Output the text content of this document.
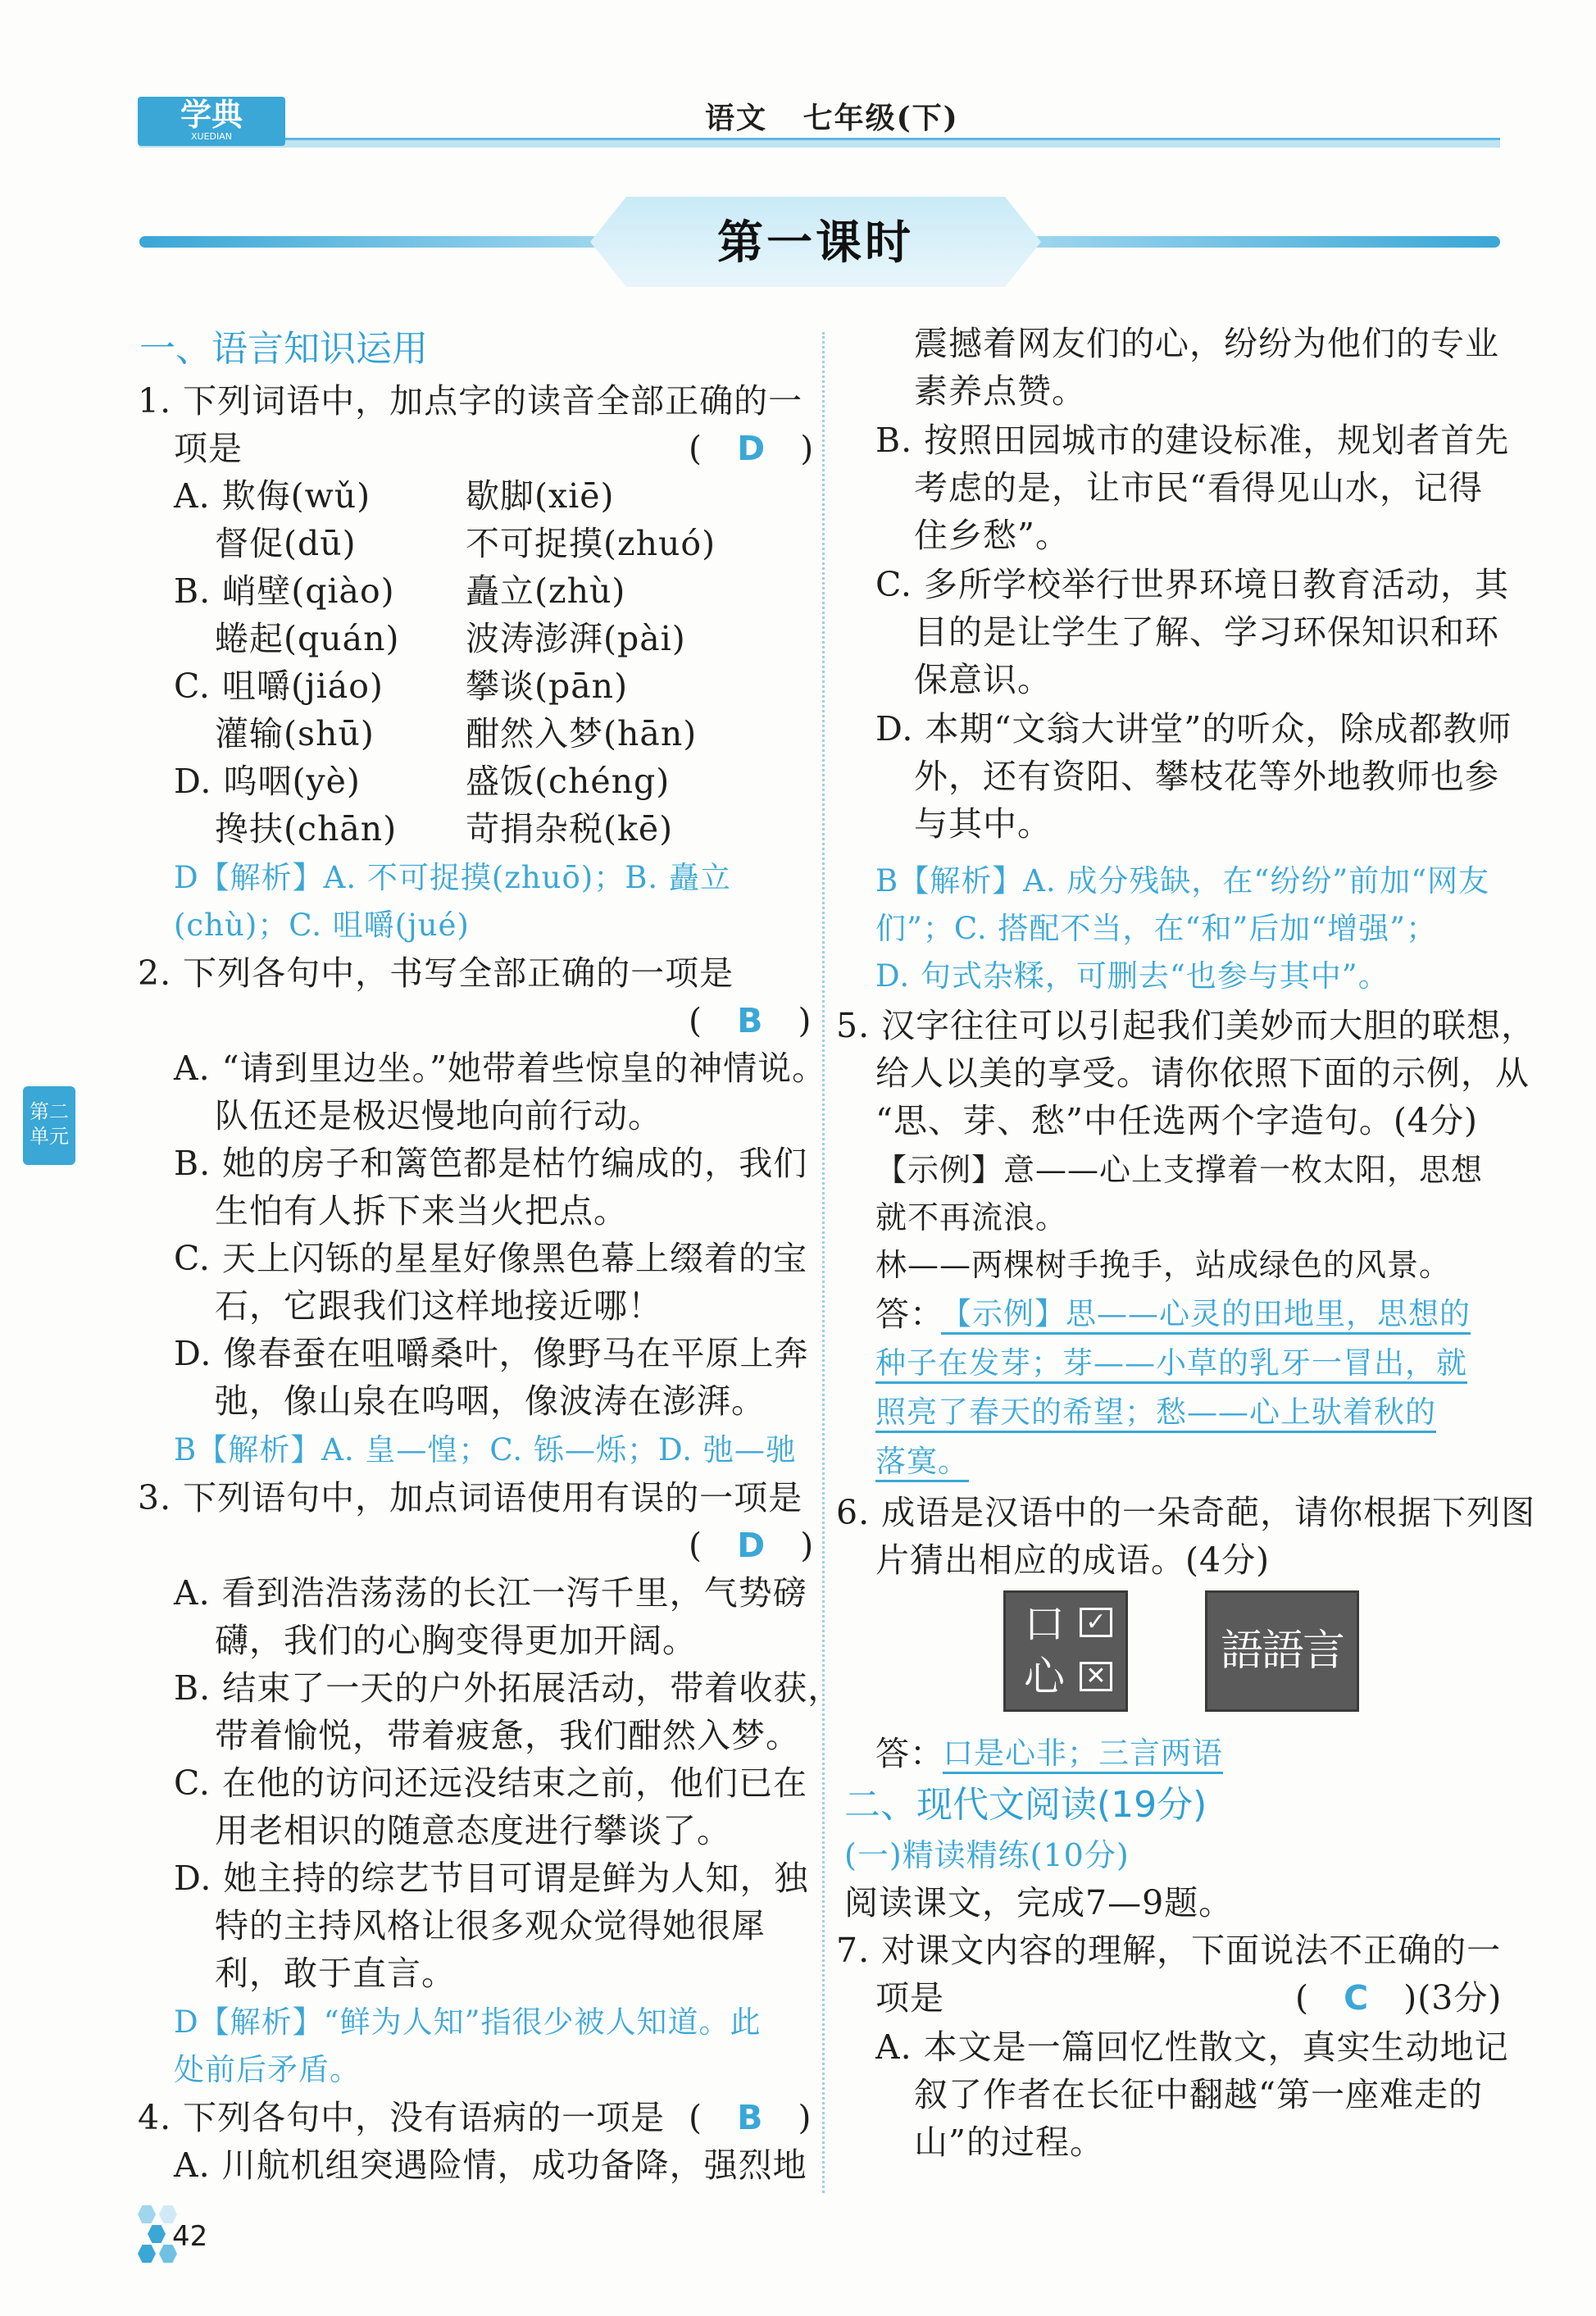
学典
XUEDIAN
语文   七年级(下)
第一课时
第二
单元
一、语言知识运用
1. 下列词语中，加点字的读音全部正确的一
项是	(   D   )
A. 欺侮(wǔ)	歇脚(xiē)
督促(dū)	不可捉摸(zhuó)
B. 峭壁(qiào) 矗立(zhù)
蜷起(quán) 波涛澎湃(pài)
C. 咀嚼(jiáo) 攀谈(pān)
灌输(shū)	酣然入梦(hān)
D. 呜咽(yè)	盛饭(chéng)
搀扶(chān) 苛捐杂税(kē)
D【解析】A. 不可捉摸(zhuō)；B. 矗立
(chù)；C. 咀嚼(jué)
2. 下列各句中，书写全部正确的一项是
(   B   )
A. “请到里边坐。”她带着些惊皇的神情说。
队伍还是极迟慢地向前行动。
B. 她的房子和篱笆都是枯竹编成的，我们
生怕有人拆下来当火把点。
C. 天上闪铄的星星好像黑色幕上缀着的宝
石，它跟我们这样地接近哪！
D. 像春蚕在咀嚼桑叶，像野马在平原上奔
弛，像山泉在呜咽，像波涛在澎湃。
B【解析】A. 皇—惶；C. 铄—烁；D. 弛—驰
3. 下列语句中，加点词语使用有误的一项是
(   D   )
A. 看到浩浩荡荡的长江一泻千里，气势磅
礴，我们的心胸变得更加开阔。
B. 结束了一天的户外拓展活动，带着收获，
带着愉悦，带着疲惫，我们酣然入梦。
C. 在他的访问还远没结束之前，他们已在
用老相识的随意态度进行攀谈了。
D. 她主持的综艺节目可谓是鲜为人知，独
特的主持风格让很多观众觉得她很犀
利，敢于直言。
D【解析】“鲜为人知”指很少被人知道。此
处前后矛盾。
4. 下列各句中，没有语病的一项是 (   B   )
A. 川航机组突遇险情，成功备降，强烈地
震撼着网友们的心，纷纷为他们的专业
素养点赞。
B. 按照田园城市的建设标准，规划者首先
考虑的是，让市民“看得见山水，记得
住乡愁”。
C. 多所学校举行世界环境日教育活动，其
目的是让学生了解、学习环保知识和环
保意识。
D. 本期“文翁大讲堂”的听众，除成都教师
外，还有资阳、攀枝花等外地教师也参
与其中。
B【解析】A. 成分残缺，在“纷纷”前加“网友
们”；C. 搭配不当，在“和”后加“增强”；
D. 句式杂糅，可删去“也参与其中”。
5. 汉字往往可以引起我们美妙而大胆的联想，
给人以美的享受。请你依照下面的示例，从
“思、芽、愁”中任选两个字造句。(4分)
【示例】意——心上支撑着一枚太阳，思想
就不再流浪。
林——两棵树手挽手，站成绿色的风景。
答：
【示例】思——心灵的田地里，思想的
种子在发芽；芽——小草的乳牙一冒出，就
照亮了春天的希望；愁——心上驮着秋的
落寞。
6. 成语是汉语中的一朵奇葩，请你根据下列图
片猜出相应的成语。(4分)
口
心
✓
✕
語語言
答：
口是心非；三言两语
二、现代文阅读(19分)
(一)精读精练(10分)
阅读课文，完成7—9题。
7. 对课文内容的理解，下面说法不正确的一
项是	(   C   )(3分)
A. 本文是一篇回忆性散文，真实生动地记
叙了作者在长征中翻越“第一座难走的
山”的过程。
42
